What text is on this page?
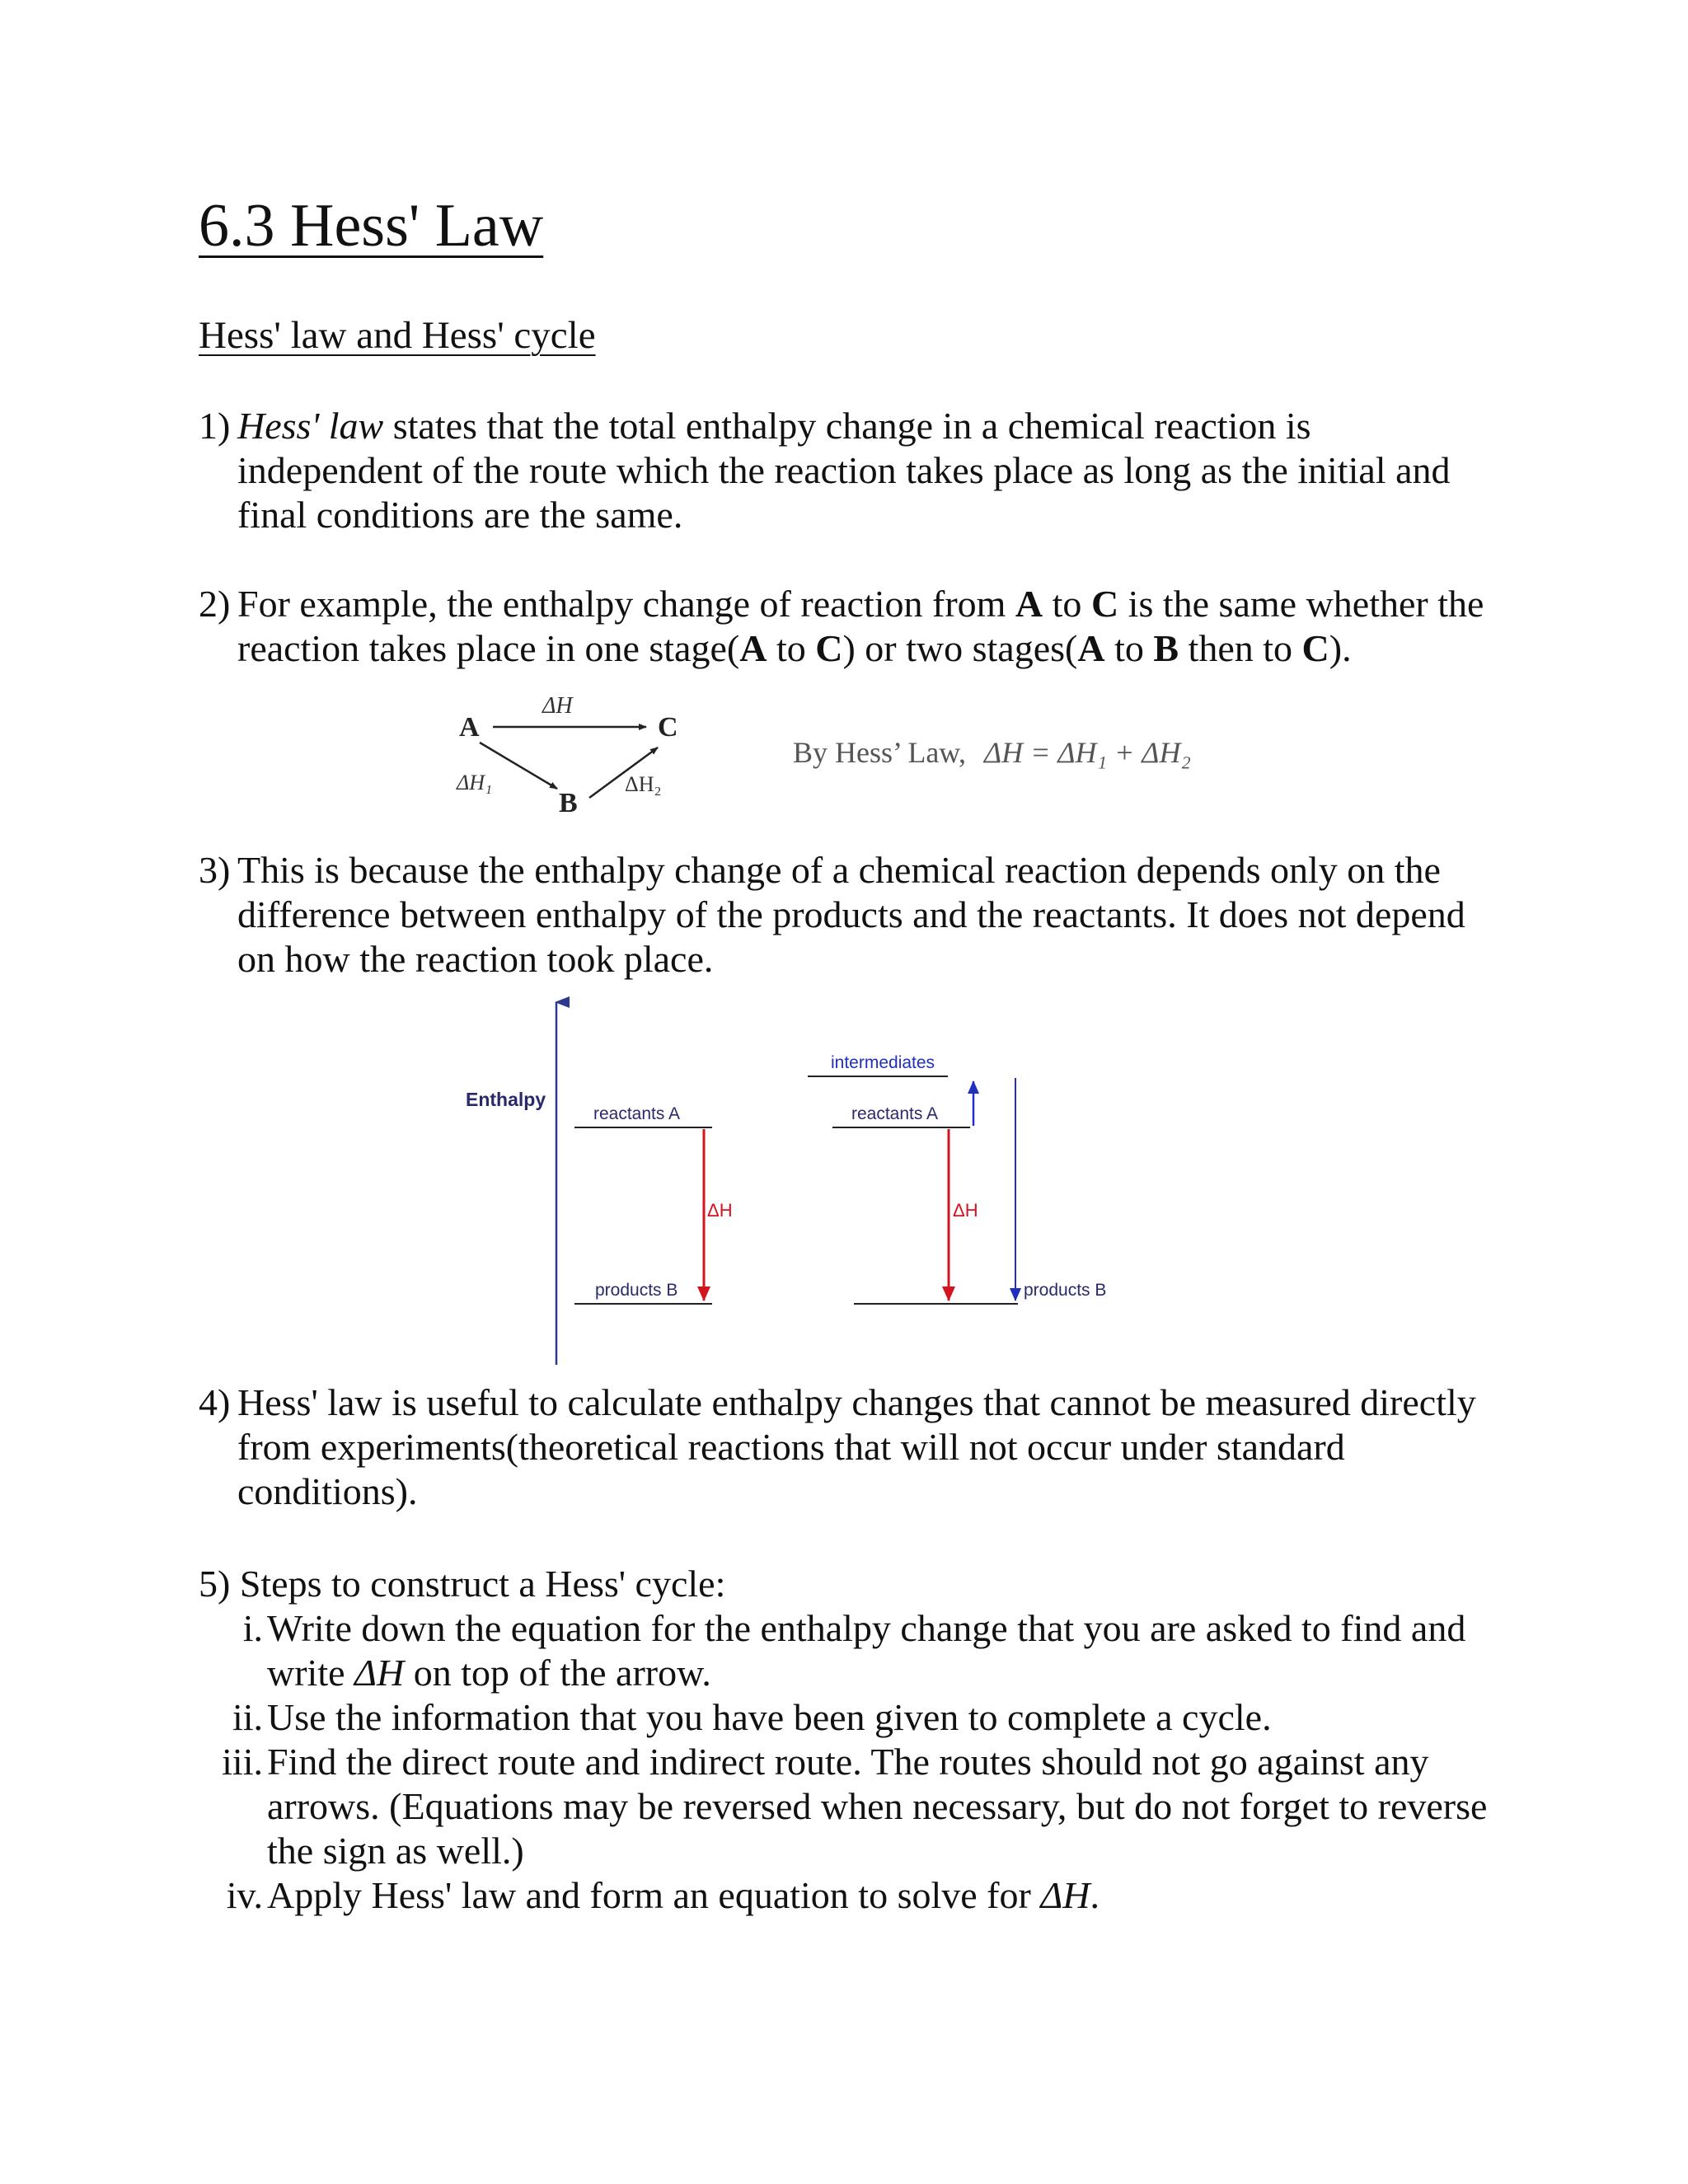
6.3 Hess' Law
Hess' law and Hess' cycle

1) Hess' law states that the total enthalpy change in a chemical reaction is independent of the route which the reaction takes place as long as the initial and final conditions are the same.

2) For example, the enthalpy change of reaction from A to C is the same whether the reaction takes place in one stage(A to C) or two stages(A to B then to C).

A	C
B
ΔH
ΔH₁	ΔH₂
By Hess’ Law, ΔH = ΔH₁ + ΔH₂

3) This is because the enthalpy change of a chemical reaction depends only on the difference between enthalpy of the products and the reactants. It does not depend on how the reaction took place.

Enthalpy
reactants A
products B
ΔH
intermediates
reactants A
products B
ΔH

4) Hess' law is useful to calculate enthalpy changes that cannot be measured directly from experiments(theoretical reactions that will not occur under standard conditions).

5) Steps to construct a Hess' cycle:
i. Write down the equation for the enthalpy change that you are asked to find and write ΔH on top of the arrow.
ii. Use the information that you have been given to complete a cycle.
iii. Find the direct route and indirect route. The routes should not go against any arrows. (Equations may be reversed when necessary, but do not forget to reverse the sign as well.)
iv. Apply Hess' law and form an equation to solve for ΔH.
